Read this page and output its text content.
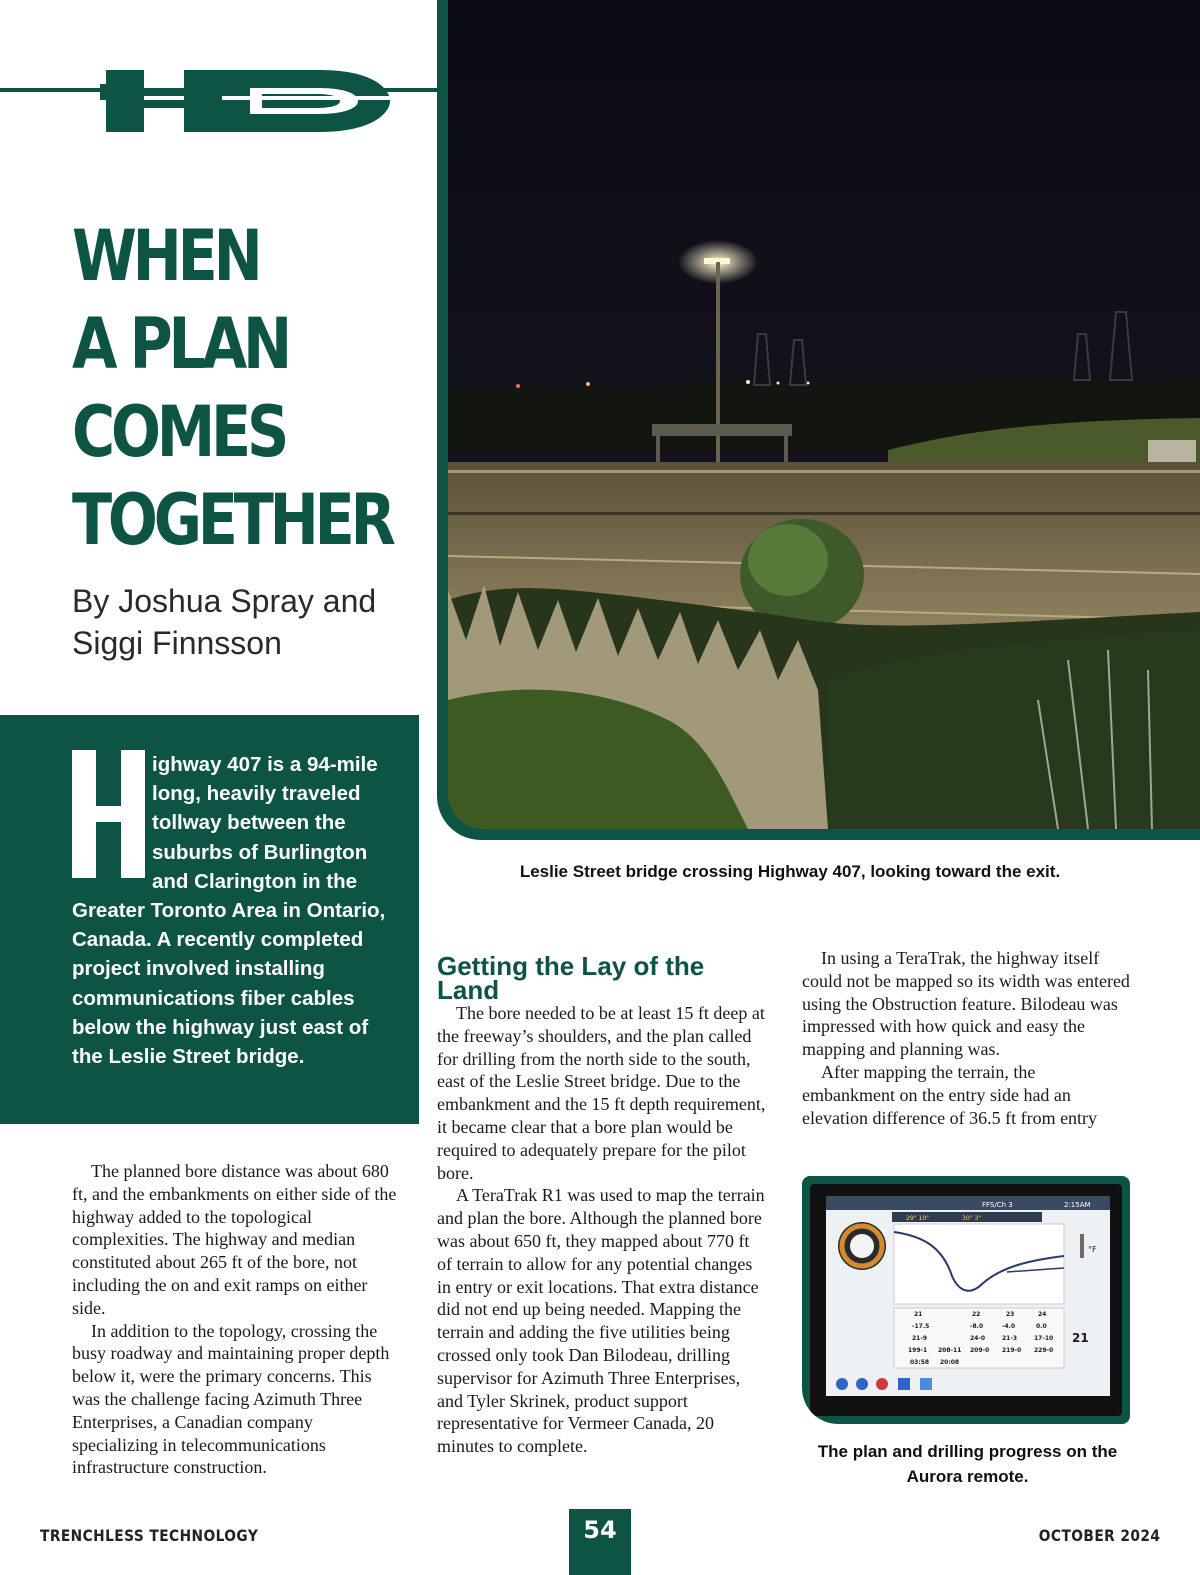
WHEN
A PLAN
COMES
TOGETHER
By Joshua Spray and
Siggi Finnsson
H
ighway 407 is a 94-mile long, heavily traveled tollway between the suburbs of Burlington and Clarington in the Greater Toronto Area in Ontario, Canada. A recently completed project involved installing communications fiber cables below the highway just east of the Leslie Street bridge.
Leslie Street bridge crossing Highway 407, looking toward the exit.

The planned bore distance was about 680 ft, and the embankments on either side of the highway added to the topological complexities. The highway and median constituted about 265 ft of the bore, not including the on and exit ramps on either side.

In addition to the topology, crossing the busy roadway and maintaining proper depth below it, were the primary concerns. This was the challenge facing Azimuth Three Enterprises, a Canadian company specializing in telecommunications infrastructure construction.

Getting the Lay of the Land

The bore needed to be at least 15 ft deep at the freeway’s shoulders, and the plan called for drilling from the north side to the south, east of the Leslie Street bridge. Due to the embankment and the 15 ft depth requirement, it became clear that a bore plan would be required to adequately prepare for the pilot bore.

A TeraTrak R1 was used to map the terrain and plan the bore. Although the planned bore was about 650 ft, they mapped about 770 ft of terrain to allow for any potential changes in entry or exit locations. That extra distance did not end up being needed. Mapping the terrain and adding the five utilities being crossed only took Dan Bilodeau, drilling supervisor for Azimuth Three Enterprises, and Tyler Skrinek, product support representative for Vermeer Canada, 20 minutes to complete.

In using a TeraTrak, the highway itself could not be mapped so its width was entered using the Obstruction feature. Bilodeau was impressed with how quick and easy the mapping and planning was.

After mapping the terrain, the embankment on the entry side had an elevation difference of 36.5 ft from entry

FFS/Ch 3	2:15AM
29° 10"	30° 3"
°F
21	22	23	24
-17.5	-8.0	-4.0	0.0
21-9	24-0	21-3	17-10
199-1 208-11 209-0 219-0 229-0
03:58 20:08
21
The plan and drilling progress on the Aurora remote.
TRENCHLESS TECHNOLOGY	54	OCTOBER 2024
